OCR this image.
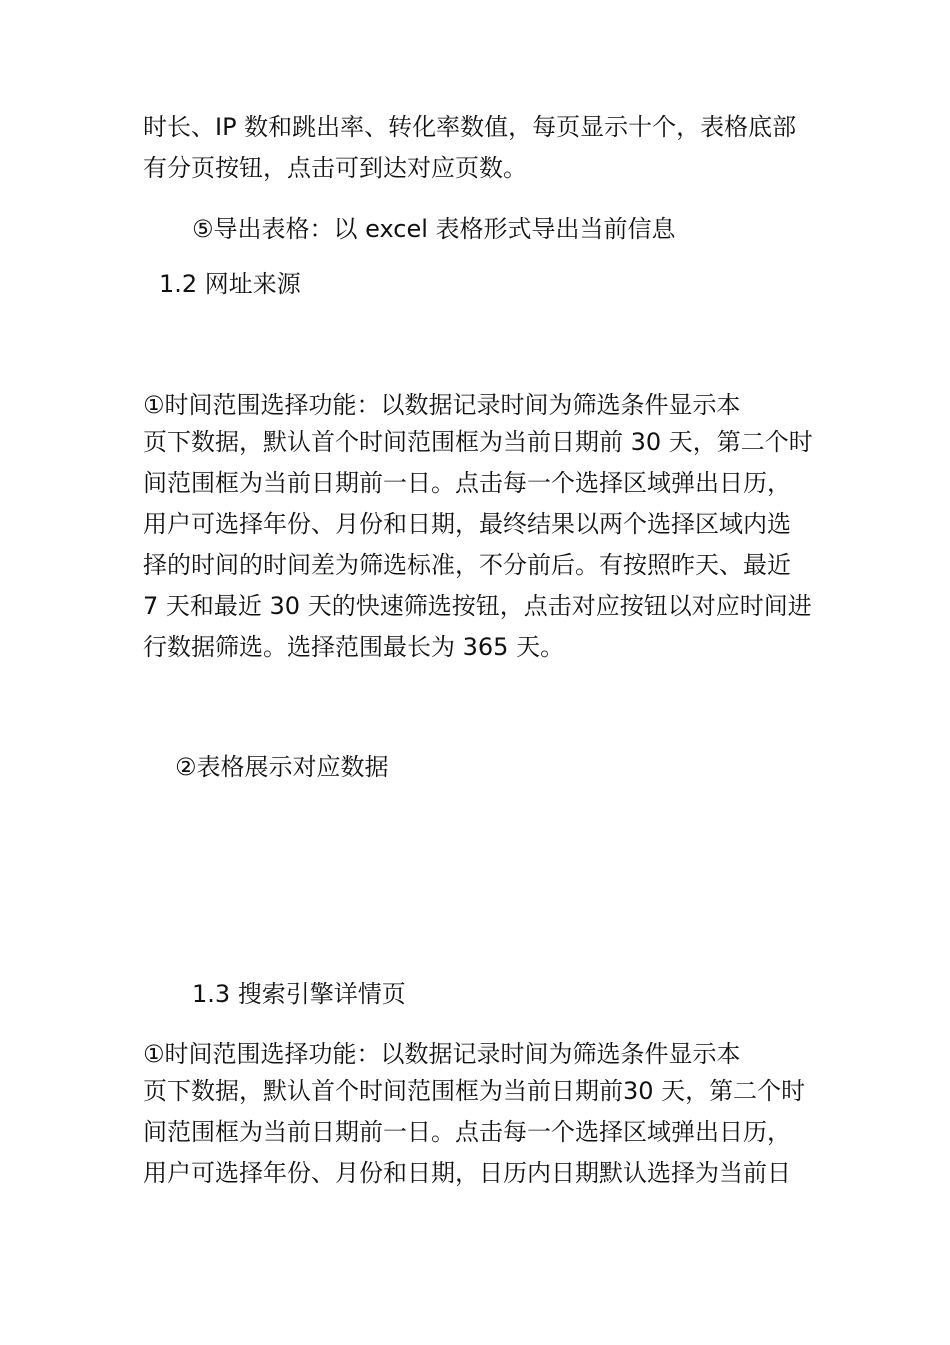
时长、IP 数和跳出率、转化率数值，每页显示十个，表格底部

有分页按钮，点击可到达对应页数。

⑤导出表格：以 excel 表格形式导出当前信息

1.2 网址来源

①时间范围选择功能：以数据记录时间为筛选条件显示本

页下数据，默认首个时间范围框为当前日期前 30 天，第二个时

间范围框为当前日期前一日。点击每一个选择区域弹出日历，

用户可选择年份、月份和日期，最终结果以两个选择区域内选

择的时间的时间差为筛选标准，不分前后。有按照昨天、最近

7 天和最近 30 天的快速筛选按钮，点击对应按钮以对应时间进

行数据筛选。选择范围最长为 365 天。

②表格展示对应数据

1.3 搜索引擎详情页

①时间范围选择功能：以数据记录时间为筛选条件显示本

页下数据，默认首个时间范围框为当前日期前30 天，第二个时

间范围框为当前日期前一日。点击每一个选择区域弹出日历，

用户可选择年份、月份和日期，日历内日期默认选择为当前日
